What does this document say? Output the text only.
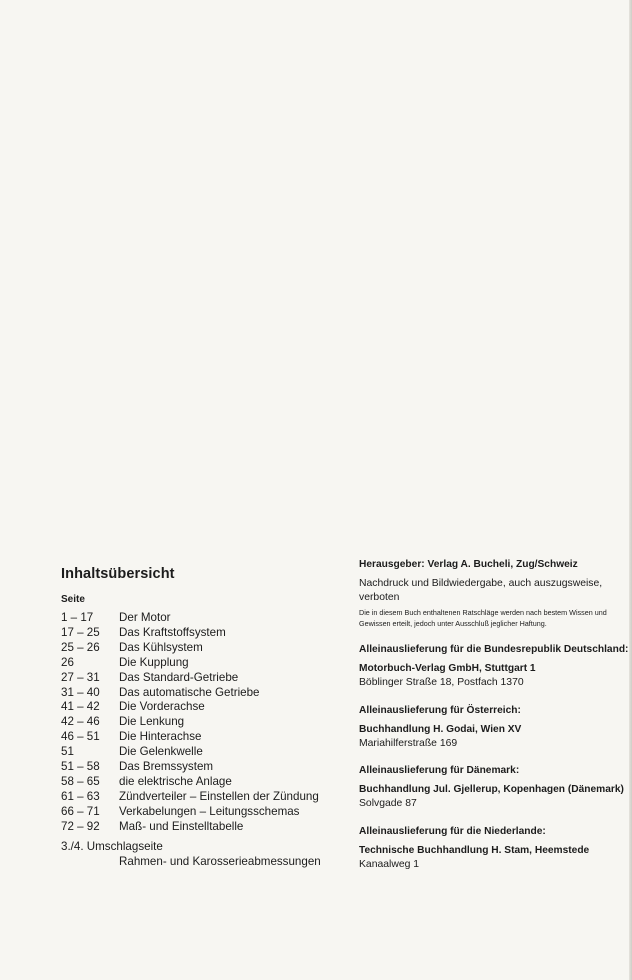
Inhaltsübersicht
Seite
1 – 17	Der Motor
17 – 25	Das Kraftstoffsystem
25 – 26	Das Kühlsystem
26	Die Kupplung
27 – 31	Das Standard-Getriebe
31 – 40	Das automatische Getriebe
41 – 42	Die Vorderachse
42 – 46	Die Lenkung
46 – 51	Die Hinterachse
51	Die Gelenkwelle
51 – 58	Das Bremssystem
58 – 65	die elektrische Anlage
61 – 63	Zündverteiler – Einstellen der Zündung
66 – 71	Verkabelungen – Leitungsschemas
72 – 92	Maß- und Einstelltabelle
3./4. Umschlagseite
Rahmen- und Karosserieabmessungen
Herausgeber: Verlag A. Bucheli, Zug/Schweiz
Nachdruck und Bildwiedergabe, auch auszugsweise, verboten
Die in diesem Buch enthaltenen Ratschläge werden nach bestem Wissen und Gewissen erteilt, jedoch unter Ausschluß jeglicher Haftung.
Alleinauslieferung für die Bundesrepublik Deutschland:
Motorbuch-Verlag GmbH, Stuttgart 1
Böblinger Straße 18, Postfach 1370
Alleinauslieferung für Österreich:
Buchhandlung H. Godai, Wien XV
Mariahilferstraße 169
Alleinauslieferung für Dänemark:
Buchhandlung Jul. Gjellerup, Kopenhagen (Dänemark)
Solvgade 87
Alleinauslieferung für die Niederlande:
Technische Buchhandlung H. Stam, Heemstede
Kanaalweg 1
